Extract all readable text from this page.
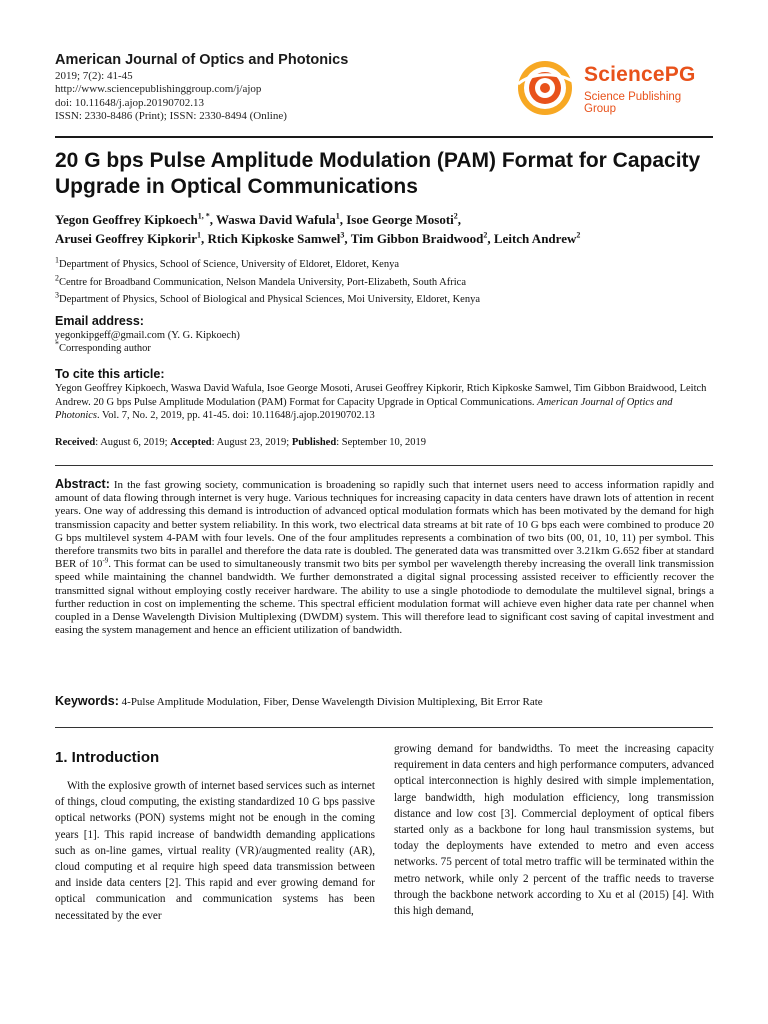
American Journal of Optics and Photonics
2019; 7(2): 41-45
http://www.sciencepublishinggroup.com/j/ajop
doi: 10.11648/j.ajop.20190702.13
ISSN: 2330-8486 (Print); ISSN: 2330-8494 (Online)
SciencePG
Science Publishing Group
20 G bps Pulse Amplitude Modulation (PAM) Format for Capacity Upgrade in Optical Communications
Yegon Geoffrey Kipkoech$^{1, *}$, Waswa David Wafula$^1$, Isoe George Mosoti$^2$,
Arusei Geoffrey Kipkorir$^1$, Rtich Kipkoske Samwel$^3$, Tim Gibbon Braidwood$^2$, Leitch Andrew$^2$
$^1$Department of Physics, School of Science, University of Eldoret, Eldoret, Kenya
$^2$Centre for Broadband Communication, Nelson Mandela University, Port-Elizabeth, South Africa
$^3$Department of Physics, School of Biological and Physical Sciences, Moi University, Eldoret, Kenya
Email address:
yegonkipgeff@gmail.com (Y. G. Kipkoech)
*Corresponding author
To cite this article:
Yegon Geoffrey Kipkoech, Waswa David Wafula, Isoe George Mosoti, Arusei Geoffrey Kipkorir, Rtich Kipkoske Samwel, Tim Gibbon Braidwood, Leitch Andrew. 20 G bps Pulse Amplitude Modulation (PAM) Format for Capacity Upgrade in Optical Communications. American Journal of Optics and Photonics. Vol. 7, No. 2, 2019, pp. 41-45. doi: 10.11648/j.ajop.20190702.13
Received: August 6, 2019; Accepted: August 23, 2019; Published: September 10, 2019
Abstract: In the fast growing society, communication is broadening so rapidly such that internet users need to access information rapidly and amount of data flowing through internet is very huge. Various techniques for increasing capacity in data centers have drawn lots of attention in recent years. One way of addressing this demand is introduction of advanced optical modulation formats which has been motivated by the demand for high transmission capacity and better system reliability. In this work, two electrical data streams at bit rate of 10 G bps each were combined to produce 20 G bps multilevel system 4-PAM with four levels. One of the four amplitudes represents a combination of two bits (00, 01, 10, 11) per symbol. This therefore transmits two bits in parallel and therefore the data rate is doubled. The generated data was transmitted over 3.21km G.652 fiber at standard BER of $10^{-9}$. This format can be used to simultaneously transmit two bits per symbol per wavelength thereby increasing the overall link transmission speed while maintaining the channel bandwidth. We further demonstrated a digital signal processing assisted receiver to efficiently recover the transmitted signal without employing costly receiver hardware. The ability to use a single photodiode to demodulate the multilevel signal, brings a further reduction in cost on implementing the scheme. This spectral efficient modulation format will achieve even higher data rate per channel when coupled in a Dense Wavelength Division Multiplexing (DWDM) system. This will therefore lead to significant cost saving of capital investment and easing the system management and hence an efficient utilization of bandwidth.
Keywords: 4-Pulse Amplitude Modulation, Fiber, Dense Wavelength Division Multiplexing, Bit Error Rate
1. Introduction
With the explosive growth of internet based services such as internet of things, cloud computing, the existing standardized 10 G bps passive optical networks (PON) systems might not be enough in the coming years [1]. This rapid increase of bandwidth demanding applications such as on-line games, virtual reality (VR)/augmented reality (AR), cloud computing et al require high speed data transmission between and inside data centers [2]. This rapid and ever growing demand for optical communication and communication systems has been necessitated by the ever
growing demand for bandwidths. To meet the increasing capacity requirement in data centers and high performance computers, advanced optical interconnection is highly desired with simple implementation, large bandwidth, high modulation efficiency, long transmission distance and low cost [3]. Commercial deployment of optical fibers started only as a backbone for long haul transmission systems, but today the deployments have extended to metro and even access networks. 75 percent of total metro traffic will be terminated within the metro network, while only 2 percent of the traffic needs to traverse through the backbone network according to Xu et al (2015) [4]. With this high demand,
